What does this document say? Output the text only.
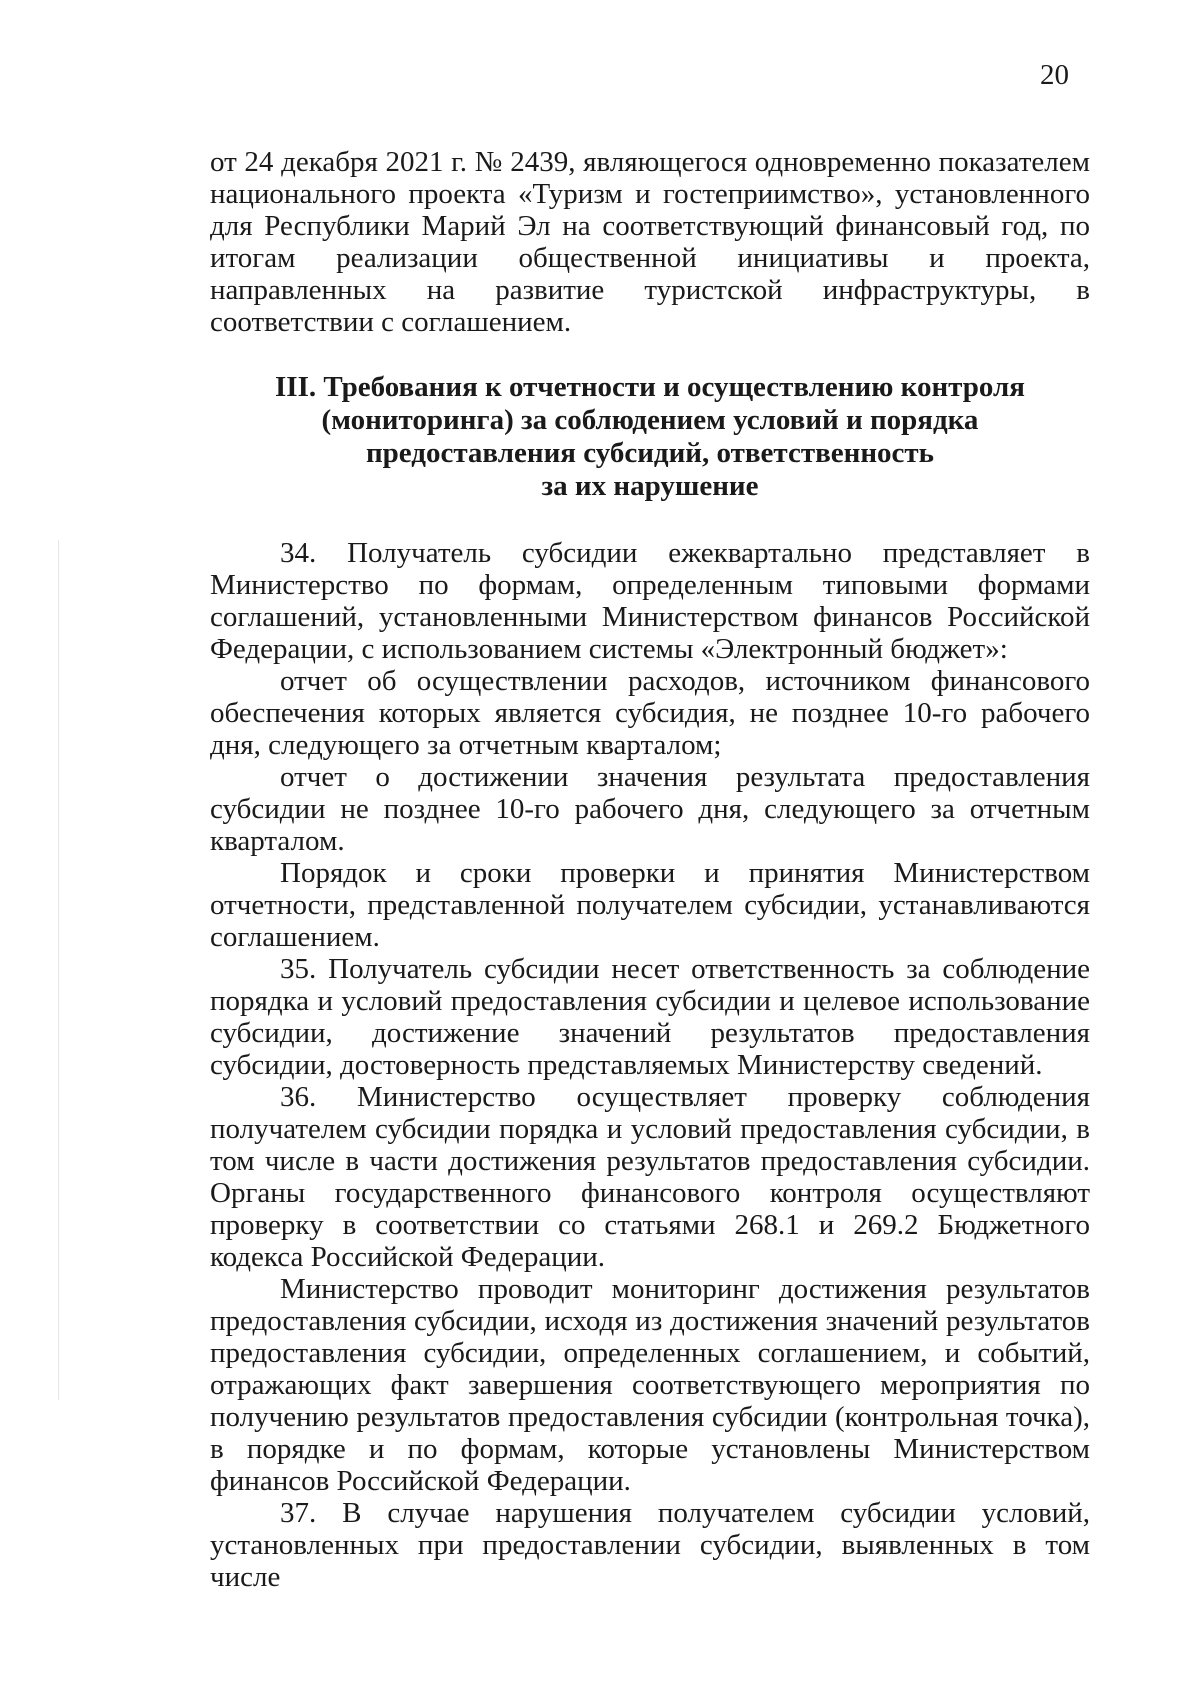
20

от 24 декабря 2021 г. № 2439, являющегося одновременно показателем национального проекта «Туризм и гостеприимство», установленного для Республики Марий Эл на соответствующий финансовый год, по итогам реализации общественной инициативы и проекта, направленных на развитие туристской инфраструктуры, в соответствии с соглашением.

III. Требования к отчетности и осуществлению контроля
(мониторинга) за соблюдением условий и порядка
предоставления субсидий, ответственность
за их нарушение

34. Получатель субсидии ежеквартально представляет в Министерство по формам, определенным типовыми формами соглашений, установленными Министерством финансов Российской Федерации, с использованием системы «Электронный бюджет»:

отчет об осуществлении расходов, источником финансового обеспечения которых является субсидия, не позднее 10-го рабочего дня, следующего за отчетным кварталом;

отчет о достижении значения результата предоставления субсидии не позднее 10-го рабочего дня, следующего за отчетным кварталом.

Порядок и сроки проверки и принятия Министерством отчетности, представленной получателем субсидии, устанавливаются соглашением.

35. Получатель субсидии несет ответственность за соблюдение порядка и условий предоставления субсидии и целевое использование субсидии, достижение значений результатов предоставления субсидии, достоверность представляемых Министерству сведений.

36. Министерство осуществляет проверку соблюдения получателем субсидии порядка и условий предоставления субсидии, в том числе в части достижения результатов предоставления субсидии. Органы государственного финансового контроля осуществляют проверку в соответствии со статьями 268.1 и 269.2 Бюджетного кодекса Российской Федерации.

Министерство проводит мониторинг достижения результатов предоставления субсидии, исходя из достижения значений результатов предоставления субсидии, определенных соглашением, и событий, отражающих факт завершения соответствующего мероприятия по получению результатов предоставления субсидии (контрольная точка), в порядке и по формам, которые установлены Министерством финансов Российской Федерации.

37. В случае нарушения получателем субсидии условий, установленных при предоставлении субсидии, выявленных в том числе
